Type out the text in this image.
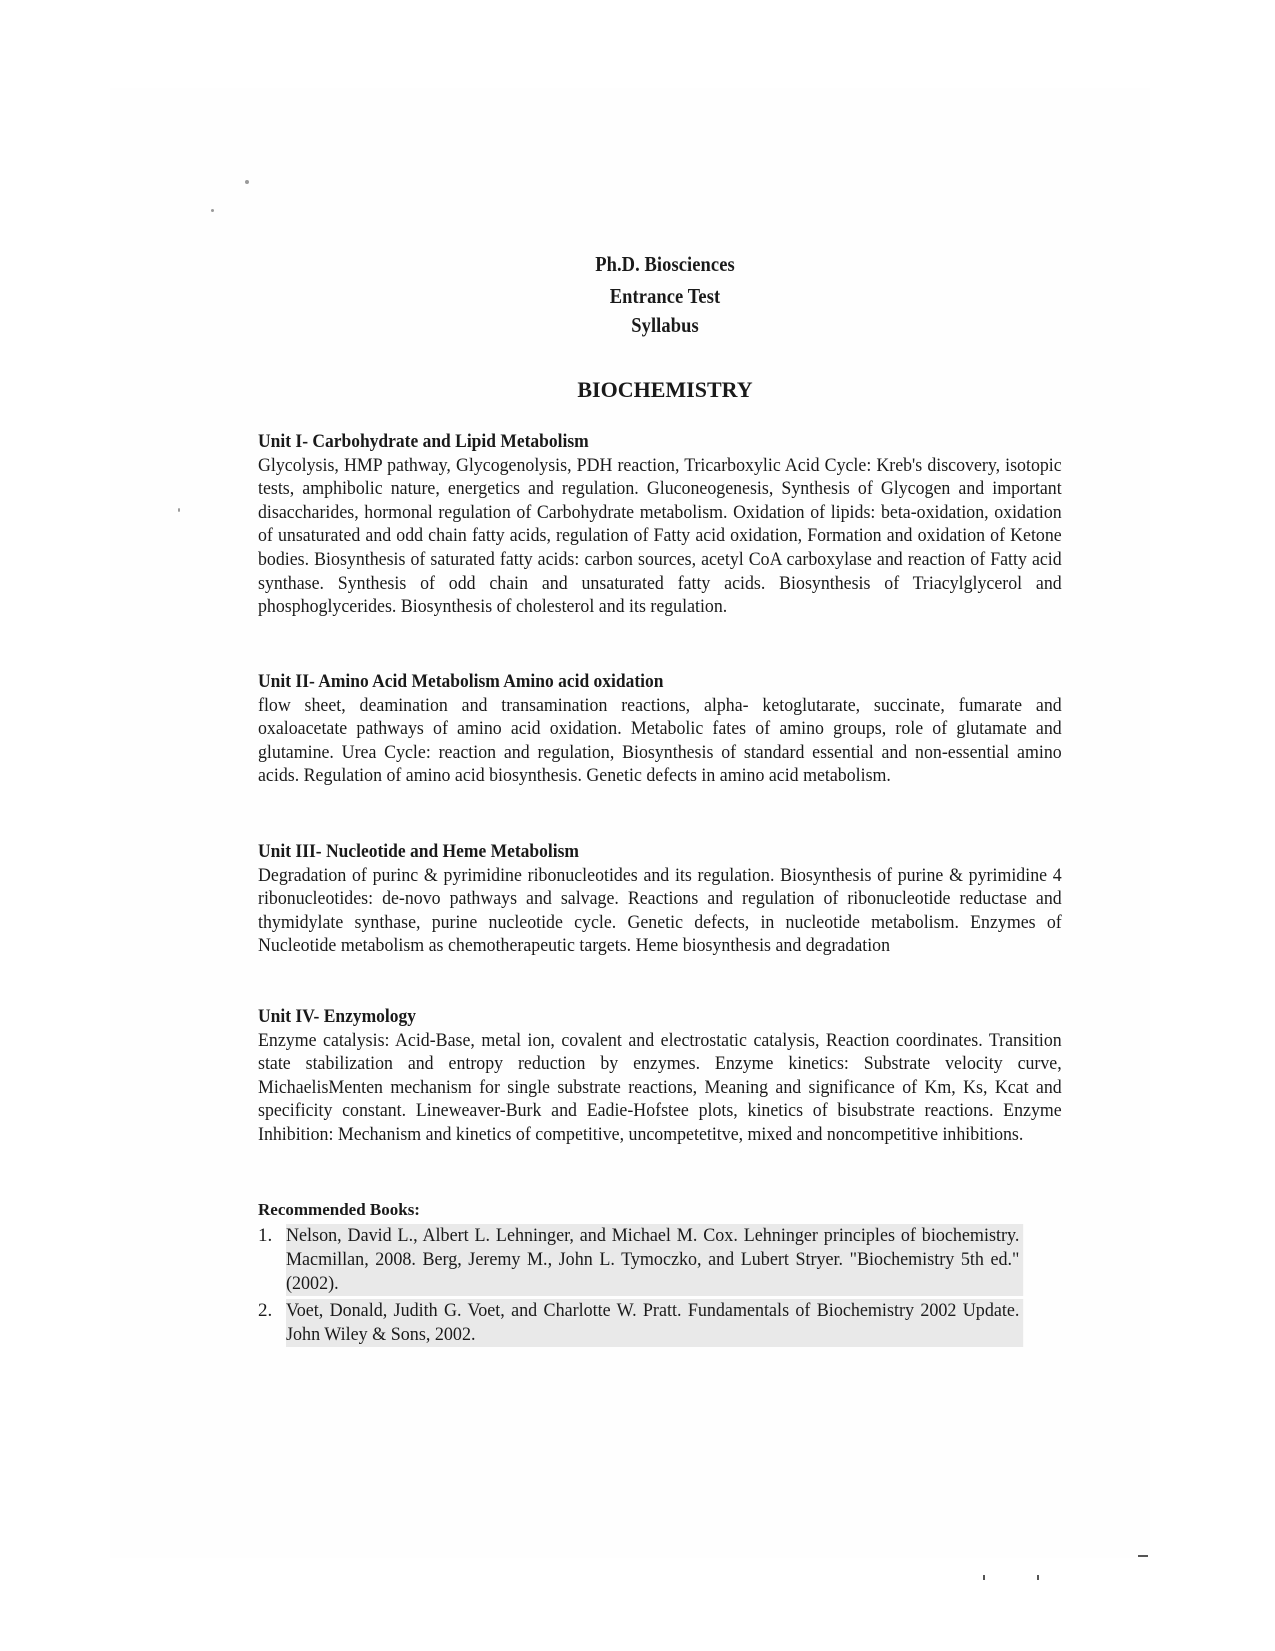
Ph.D. Biosciences
Entrance Test
Syllabus
BIOCHEMISTRY
Unit I- Carbohydrate and Lipid Metabolism

Glycolysis, HMP pathway, Glycogenolysis, PDH reaction, Tricarboxylic Acid Cycle: Kreb's discovery, isotopic tests, amphibolic nature, energetics and regulation. Gluconeogenesis, Synthesis of Glycogen and important disaccharides, hormonal regulation of Carbohydrate metabolism. Oxidation of lipids: beta-oxidation, oxidation of unsaturated and odd chain fatty acids, regulation of Fatty acid oxidation, Formation and oxidation of Ketone bodies. Biosynthesis of saturated fatty acids: carbon sources, acetyl CoA carboxylase and reaction of Fatty acid synthase. Synthesis of odd chain and unsaturated fatty acids. Biosynthesis of Triacylglycerol and phosphoglycerides. Biosynthesis of cholesterol and its regulation.

Unit II- Amino Acid Metabolism Amino acid oxidation

flow sheet, deamination and transamination reactions, alpha- ketoglutarate, succinate, fumarate and oxaloacetate pathways of amino acid oxidation. Metabolic fates of amino groups, role of glutamate and glutamine. Urea Cycle: reaction and regulation, Biosynthesis of standard essential and non-essential amino acids. Regulation of amino acid biosynthesis. Genetic defects in amino acid metabolism.

Unit III- Nucleotide and Heme Metabolism

Degradation of purinc & pyrimidine ribonucleotides and its regulation. Biosynthesis of purine & pyrimidine 4 ribonucleotides: de-novo pathways and salvage. Reactions and regulation of ribonucleotide reductase and thymidylate synthase, purine nucleotide cycle. Genetic defects, in nucleotide metabolism. Enzymes of Nucleotide metabolism as chemotherapeutic targets. Heme biosynthesis and degradation

Unit IV- Enzymology

Enzyme catalysis: Acid-Base, metal ion, covalent and electrostatic catalysis, Reaction coordinates. Transition state stabilization and entropy reduction by enzymes. Enzyme kinetics: Substrate velocity curve, MichaelisMenten mechanism for single substrate reactions, Meaning and significance of Km, Ks, Kcat and specificity constant. Lineweaver-Burk and Eadie-Hofstee plots, kinetics of bisubstrate reactions. Enzyme Inhibition: Mechanism and kinetics of competitive, uncompetetitve, mixed and noncompetitive inhibitions.

Recommended Books:
1. Nelson, David L., Albert L. Lehninger, and Michael M. Cox. Lehninger principles of biochemistry. Macmillan, 2008. Berg, Jeremy M., John L. Tymoczko, and Lubert Stryer. "Biochemistry 5th ed." (2002).
2. Voet, Donald, Judith G. Voet, and Charlotte W. Pratt. Fundamentals of Biochemistry 2002 Update. John Wiley & Sons, 2002.
